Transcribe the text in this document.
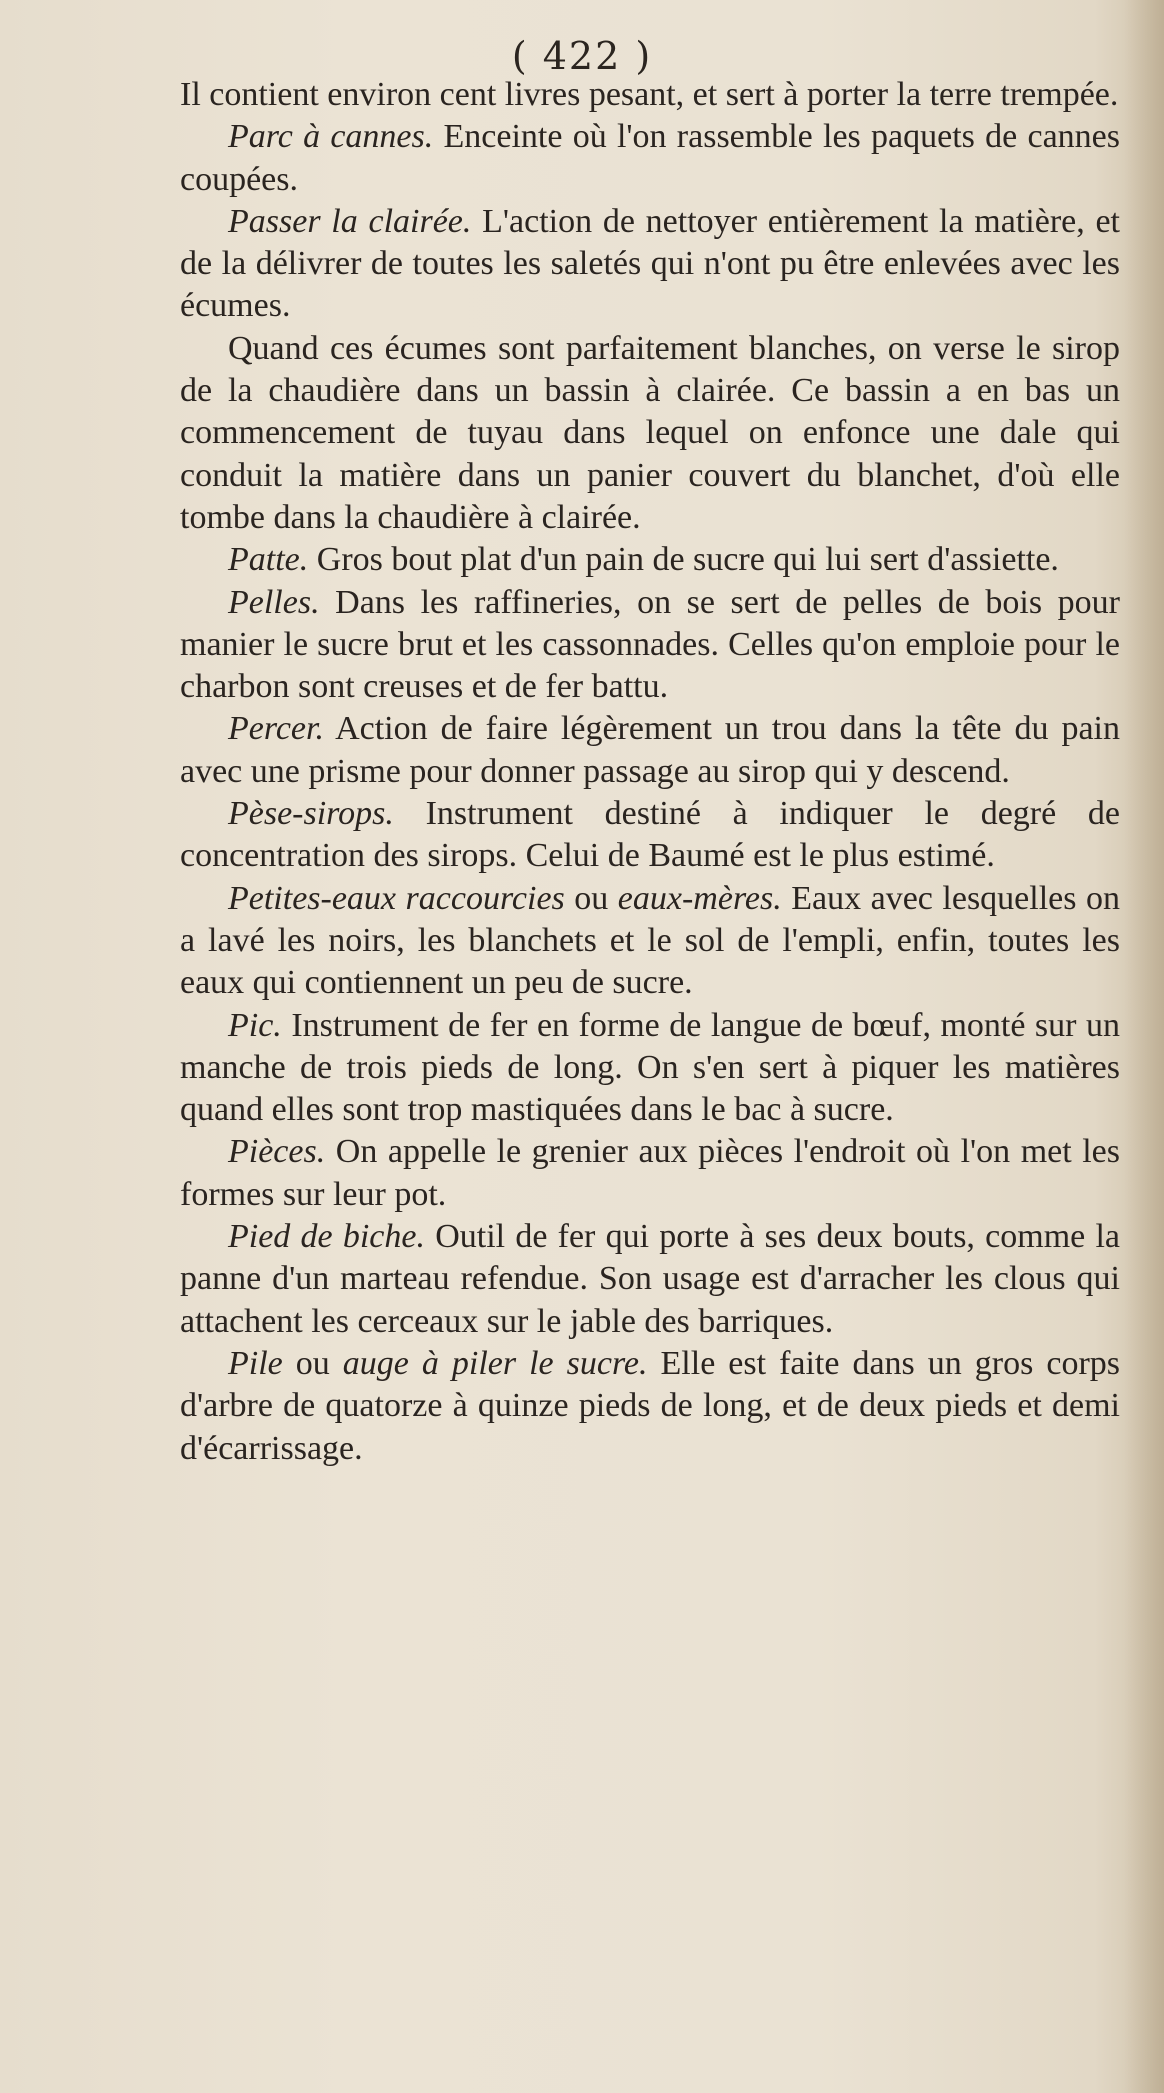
( 422 )

Il contient environ cent livres pesant, et sert à porter la terre trempée.

Parc à cannes. Enceinte où l'on rassemble les paquets de cannes coupées.

Passer la clairée. L'action de nettoyer entièrement la matière, et de la délivrer de toutes les saletés qui n'ont pu être enlevées avec les écumes.

Quand ces écumes sont parfaitement blanches, on verse le sirop de la chaudière dans un bassin à clairée. Ce bassin a en bas un commencement de tuyau dans lequel on enfonce une dale qui conduit la matière dans un panier couvert du blanchet, d'où elle tombe dans la chaudière à clairée.

Patte. Gros bout plat d'un pain de sucre qui lui sert d'assiette.

Pelles. Dans les raffineries, on se sert de pelles de bois pour manier le sucre brut et les cassonnades. Celles qu'on emploie pour le charbon sont creuses et de fer battu.

Percer. Action de faire légèrement un trou dans la tête du pain avec une prisme pour donner passage au sirop qui y descend.

Pèse-sirops. Instrument destiné à indiquer le degré de concentration des sirops. Celui de Baumé est le plus estimé.

Petites-eaux raccourcies ou eaux-mères. Eaux avec lesquelles on a lavé les noirs, les blanchets et le sol de l'empli, enfin, toutes les eaux qui contiennent un peu de sucre.

Pic. Instrument de fer en forme de langue de bœuf, monté sur un manche de trois pieds de long. On s'en sert à piquer les matières quand elles sont trop mastiquées dans le bac à sucre.

Pièces. On appelle le grenier aux pièces l'endroit où l'on met les formes sur leur pot.

Pied de biche. Outil de fer qui porte à ses deux bouts, comme la panne d'un marteau refendue. Son usage est d'arracher les clous qui attachent les cerceaux sur le jable des barriques.

Pile ou auge à piler le sucre. Elle est faite dans un gros corps d'arbre de quatorze à quinze pieds de long, et de deux pieds et demi d'écarrissage.
